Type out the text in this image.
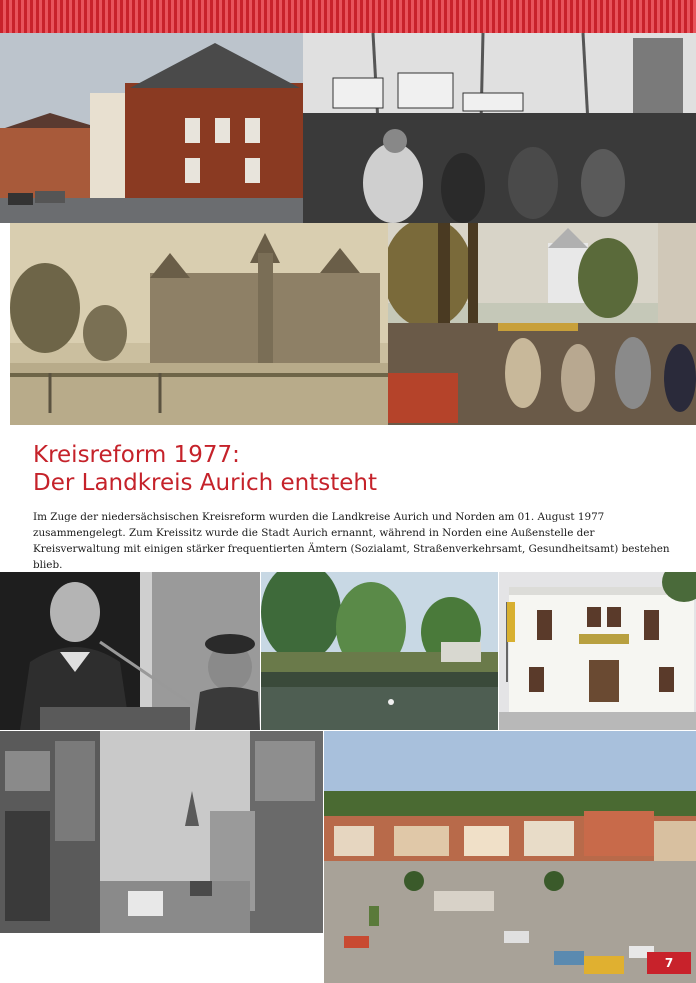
Kreisreform 1977:
Der Landkreis Aurich entsteht

Im Zuge der niedersächsischen Kreisreform wurden die Landkreise Aurich und Norden am 01. August 1977 zusammengelegt. Zum Kreissitz wurde die Stadt Aurich ernannt, während in Norden eine Außenstelle der Kreisverwaltung mit einigen stärker frequentierten Ämtern (Sozialamt, Straßenverkehrsamt, Gesundheitsamt) bestehen blieb.

7
